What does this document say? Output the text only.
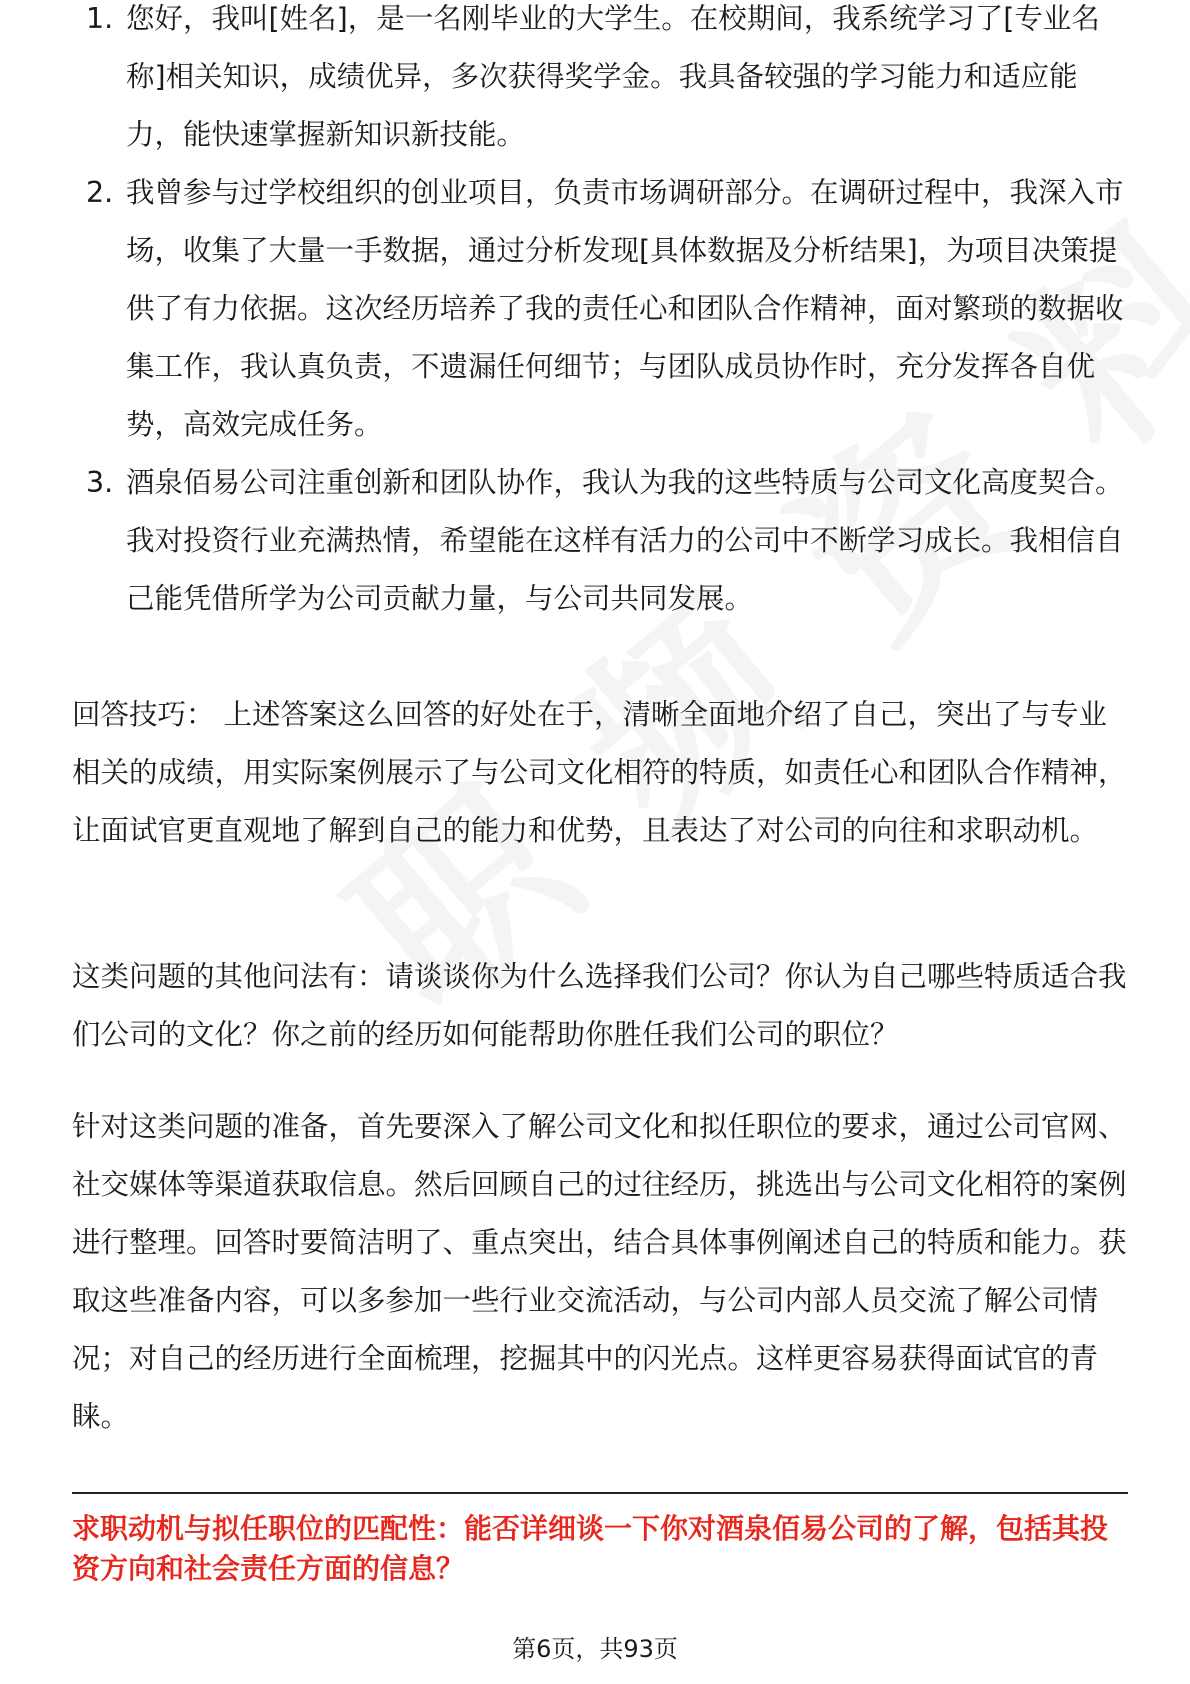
1. 您好，我叫[姓名]，是一名刚毕业的大学生。在校期间，我系统学习了[专业名称]相关知识，成绩优异，多次获得奖学金。我具备较强的学习能力和适应能力，能快速掌握新知识新技能。
2. 我曾参与过学校组织的创业项目，负责市场调研部分。在调研过程中，我深入市场，收集了大量一手数据，通过分析发现[具体数据及分析结果]，为项目决策提供了有力依据。这次经历培养了我的责任心和团队合作精神，面对繁琐的数据收集工作，我认真负责，不遗漏任何细节；与团队成员协作时，充分发挥各自优势，高效完成任务。
3. 酒泉佰易公司注重创新和团队协作，我认为我的这些特质与公司文化高度契合。我对投资行业充满热情，希望能在这样有活力的公司中不断学习成长。我相信自己能凭借所学为公司贡献力量，与公司共同发展。

回答技巧： 上述答案这么回答的好处在于，清晰全面地介绍了自己，突出了与专业相关的成绩，用实际案例展示了与公司文化相符的特质，如责任心和团队合作精神，让面试官更直观地了解到自己的能力和优势，且表达了对公司的向往和求职动机。

这类问题的其他问法有：请谈谈你为什么选择我们公司？你认为自己哪些特质适合我们公司的文化？你之前的经历如何能帮助你胜任我们公司的职位？

针对这类问题的准备，首先要深入了解公司文化和拟任职位的要求，通过公司官网、社交媒体等渠道获取信息。然后回顾自己的过往经历，挑选出与公司文化相符的案例进行整理。回答时要简洁明了、重点突出，结合具体事例阐述自己的特质和能力。获取这些准备内容，可以多参加一些行业交流活动，与公司内部人员交流了解公司情况；对自己的经历进行全面梳理，挖掘其中的闪光点。这样更容易获得面试官的青睐。

求职动机与拟任职位的匹配性：能否详细谈一下你对酒泉佰易公司的了解，包括其投资方向和社会责任方面的信息？

第6页，共93页
